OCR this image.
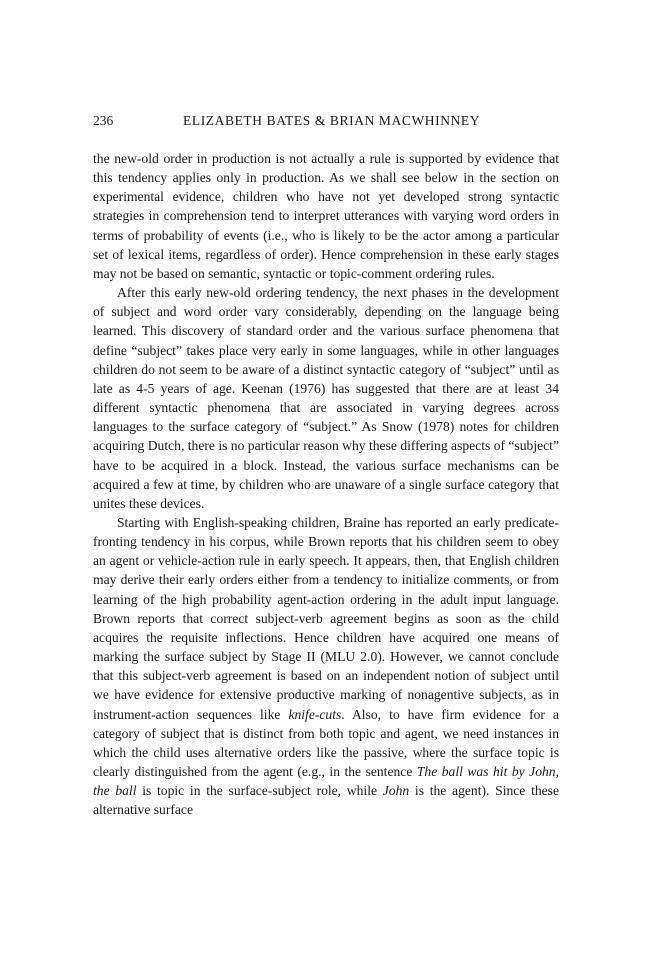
236	ELIZABETH BATES & BRIAN MACWHINNEY

the new-old order in production is not actually a rule is supported by evidence that this tendency applies only in production. As we shall see below in the section on experimental evidence, children who have not yet developed strong syntactic strategies in comprehension tend to interpret utterances with varying word orders in terms of probability of events (i.e., who is likely to be the actor among a particular set of lexical items, regardless of order). Hence comprehension in these early stages may not be based on semantic, syntactic or topic-comment ordering rules.

After this early new-old ordering tendency, the next phases in the development of subject and word order vary considerably, depending on the language being learned. This discovery of standard order and the various surface phenomena that define “subject” takes place very early in some languages, while in other languages children do not seem to be aware of a distinct syntactic category of “subject” until as late as 4-5 years of age. Keenan (1976) has suggested that there are at least 34 different syntactic phenomena that are associated in varying degrees across languages to the surface category of “subject.” As Snow (1978) notes for children acquiring Dutch, there is no particular reason why these differing aspects of “subject” have to be acquired in a block. Instead, the various surface mechanisms can be acquired a few at time, by children who are unaware of a single surface category that unites these devices.

Starting with English-speaking children, Braine has reported an early predicate-fronting tendency in his corpus, while Brown reports that his children seem to obey an agent or vehicle-action rule in early speech. It appears, then, that English children may derive their early orders either from a tendency to initialize comments, or from learning of the high probability agent-action ordering in the adult input language. Brown reports that correct subject-verb agreement begins as soon as the child acquires the requisite inflections. Hence children have acquired one means of marking the surface subject by Stage II (MLU 2.0). However, we cannot conclude that this subject-verb agreement is based on an independent notion of subject until we have evidence for extensive productive marking of nonagentive subjects, as in instrument-action sequences like knife-cuts. Also, to have firm evidence for a category of subject that is distinct from both topic and agent, we need instances in which the child uses alternative orders like the passive, where the surface topic is clearly distinguished from the agent (e.g., in the sentence The ball was hit by John, the ball is topic in the surface-subject role, while John is the agent). Since these alternative surface
